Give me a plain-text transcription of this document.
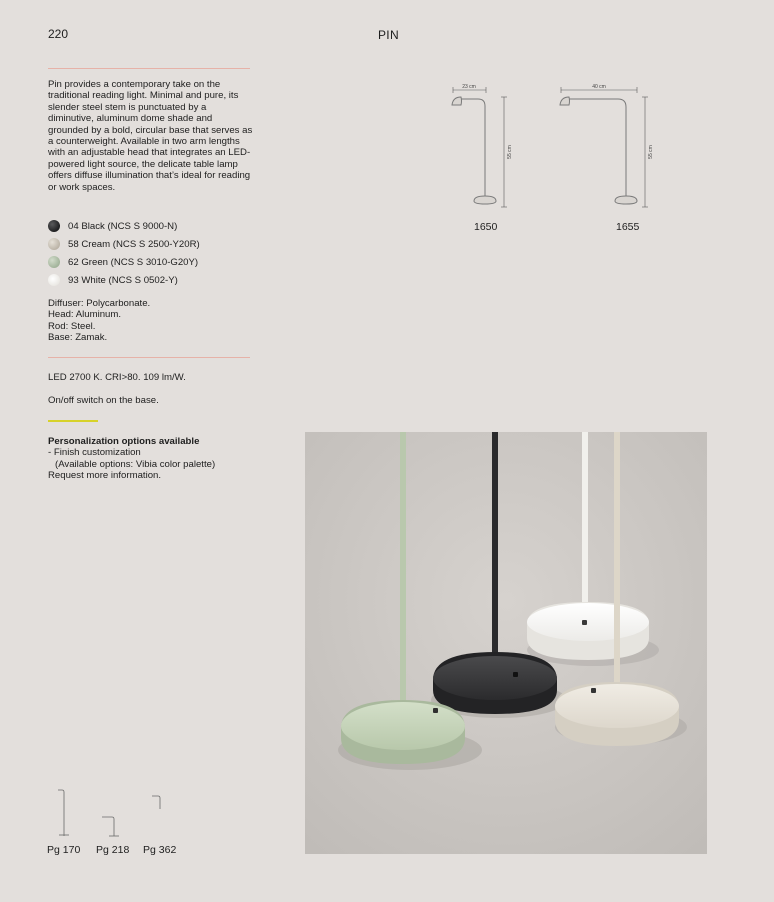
220	PIN
Pin provides a contemporary take on the traditional reading light. Minimal and pure, its slender steel stem is punctuated by a diminutive, aluminum dome shade and grounded by a bold, circular base that serves as a counterweight. Available in two arm lengths with an adjustable head that integrates an LED-powered light source, the delicate table lamp offers diffuse illumination that’s ideal for reading or work spaces.
04 Black (NCS S 9000-N)
58 Cream (NCS S 2500-Y20R)
62 Green (NCS S 3010-G20Y)
93 White (NCS S 0502-Y)
Diffuser: Polycarbonate.
Head: Aluminum.
Rod: Steel.
Base: Zamak.
LED 2700 K. CRI>80. 109 lm/W.
On/off switch on the base.
Personalization options available
- Finish customization
(Available options: Vibia color palette)
Request more information.
23 cm
55 cm
1650
40 cm
55 cm
1655
Pg 170 Pg 218 Pg 362
